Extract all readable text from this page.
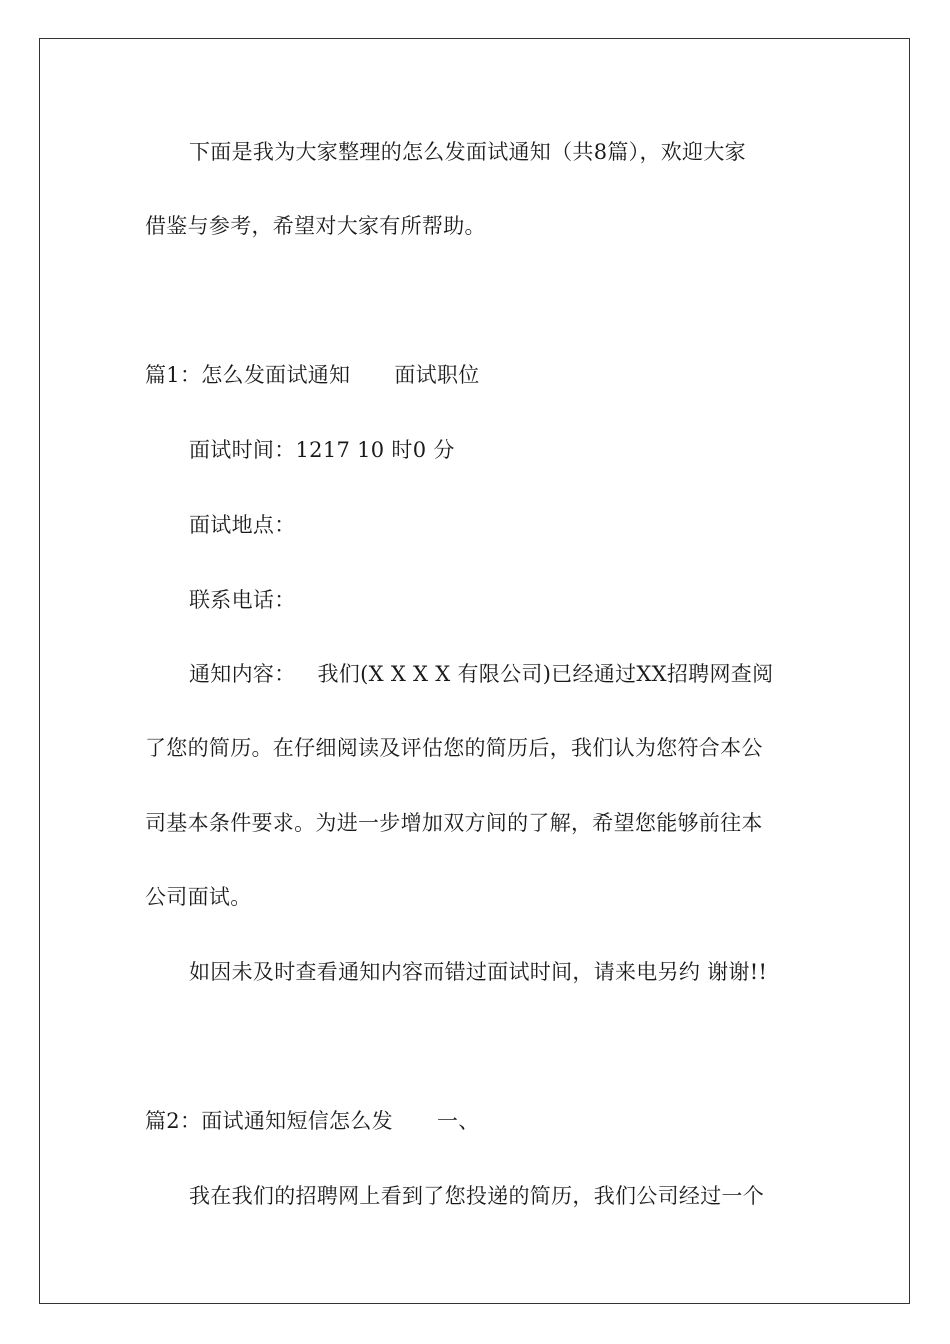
下面是我为大家整理的怎么发面试通知（共8篇），欢迎大家
借鉴与参考，希望对大家有所帮助。
篇1：怎么发面试通知 面试职位
面试时间：1217 10 时0 分
面试地点：
联系电话：
通知内容： 我们(X X X X 有限公司)已经通过XX招聘网查阅
了您的简历。在仔细阅读及评估您的简历后，我们认为您符合本公
司基本条件要求。为进一步增加双方间的了解，希望您能够前往本
公司面试。
如因未及时查看通知内容而错过面试时间，请来电另约 谢谢!!
篇2：面试通知短信怎么发 一、
我在我们的招聘网上看到了您投递的简历，我们公司经过一个
